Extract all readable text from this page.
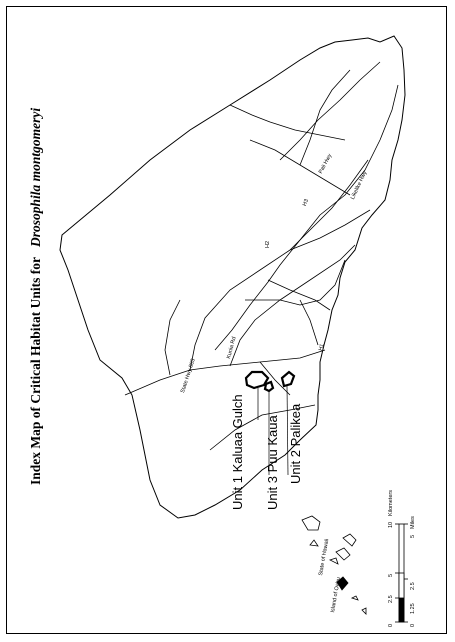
Index Map of Critical Habitat Units forDrosophila montgomeryi
Unit 1 Kaluaa Gulch Unit 3 Puu Kaua Unit 2 Palikea
State Hwy 803
Kunia Rd	H1
H2
H3
Likelike Hwy
Pali Hwy
State of Hawaii
Island of Oahu
0
2.5
5
10
Kilometers
0
1.25
2.5
5
Miles
